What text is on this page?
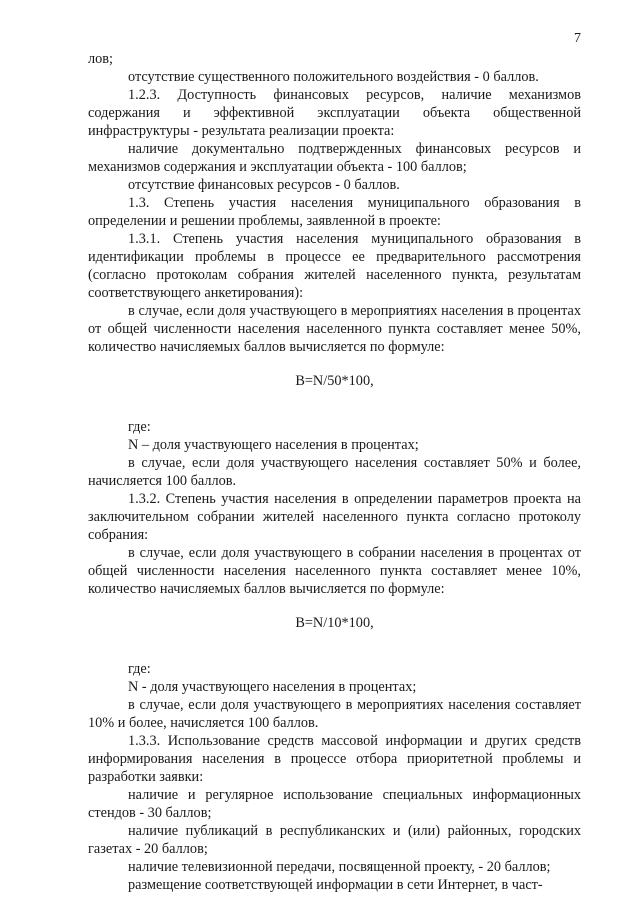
7

лов;

отсутствие существенного положительного воздействия - 0 баллов.

1.2.3. Доступность финансовых ресурсов, наличие механизмов содержания и эффективной эксплуатации объекта общественной инфраструктуры - результата реализации проекта:

наличие документально подтвержденных финансовых ресурсов и механизмов содержания и эксплуатации объекта - 100 баллов;

отсутствие финансовых ресурсов - 0 баллов.

1.3. Степень участия населения муниципального образования в определении и решении проблемы, заявленной в проекте:

1.3.1. Степень участия населения муниципального образования в идентификации проблемы в процессе ее предварительного рассмотрения (согласно протоколам собрания жителей населенного пункта, результатам соответствующего анкетирования):

в случае, если доля участвующего в мероприятиях населения в процентах от общей численности населения населенного пункта составляет менее 50%, количество начисляемых баллов вычисляется по формуле:

B=N/50*100,

где:

N – доля участвующего населения в процентах;

в случае, если доля участвующего населения составляет 50% и более, начисляется 100 баллов.

1.3.2. Степень участия населения в определении параметров проекта на заключительном собрании жителей населенного пункта согласно протоколу собрания:

в случае, если доля участвующего в собрании населения в процентах от общей численности населения населенного пункта составляет менее 10%, количество начисляемых баллов вычисляется по формуле:

B=N/10*100,

где:

N - доля участвующего населения в процентах;

в случае, если доля участвующего в мероприятиях населения составляет 10% и более, начисляется 100 баллов.

1.3.3. Использование средств массовой информации и других средств информирования населения в процессе отбора приоритетной проблемы и разработки заявки:

наличие и регулярное использование специальных информационных стендов - 30 баллов;

наличие публикаций в республиканских и (или) районных, городских газетах - 20 баллов;

наличие телевизионной передачи, посвященной проекту, - 20 баллов;

размещение соответствующей информации в сети Интернет, в част-
